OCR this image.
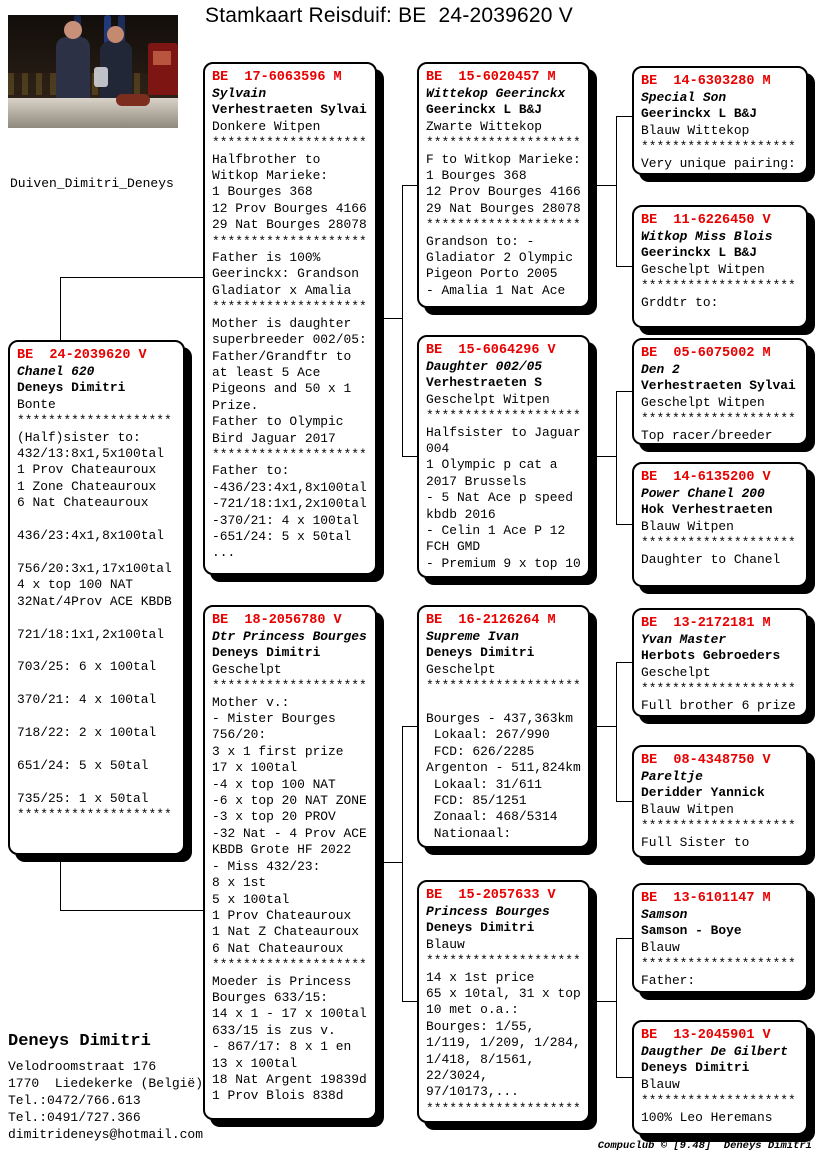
Stamkaart Reisduif: BE  24-2039620 V
Duiven_Dimitri_Deneys
BE  24-2039620 V
Chanel 620
Deneys Dimitri
Bonte
********************
(Half)sister to:
432/13:8x1,5x100tal
1 Prov Chateauroux
1 Zone Chateauroux
6 Nat Chateauroux

436/23:4x1,8x100tal

756/20:3x1,17x100tal
4 x top 100 NAT
32Nat/4Prov ACE KBDB

721/18:1x1,2x100tal

703/25: 6 x 100tal

370/21: 4 x 100tal

718/22: 2 x 100tal

651/24: 5 x 50tal

735/25: 1 x 50tal
********************
BE  17-6063596 M
Sylvain
Verhestraeten Sylvai
Donkere Witpen
********************
Halfbrother to
Witkop Marieke:
1 Bourges 368
12 Prov Bourges 4166
29 Nat Bourges 28078
********************
Father is 100%
Geerinckx: Grandson
Gladiator x Amalia
********************
Mother is daughter
superbreeder 002/05:
Father/Grandftr to
at least 5 Ace
Pigeons and 50 x 1
Prize.
Father to Olympic
Bird Jaguar 2017
********************
Father to:
-436/23:4x1,8x100tal
-721/18:1x1,2x100tal
-370/21: 4 x 100tal
-651/24: 5 x 50tal
...
BE  18-2056780 V
Dtr Princess Bourges
Deneys Dimitri
Geschelpt
********************
Mother v.:
- Mister Bourges
756/20:
3 x 1 first prize
17 x 100tal
-4 x top 100 NAT
-6 x top 20 NAT ZONE
-3 x top 20 PROV
-32 Nat - 4 Prov ACE
KBDB Grote HF 2022
- Miss 432/23:
8 x 1st
5 x 100tal
1 Prov Chateauroux
1 Nat Z Chateauroux
6 Nat Chateauroux
********************
Moeder is Princess
Bourges 633/15:
14 x 1 - 17 x 100tal
633/15 is zus v.
- 867/17: 8 x 1 en
13 x 100tal
18 Nat Argent 19839d
1 Prov Blois 838d
BE  15-6020457 M
Wittekop Geerinckx
Geerinckx L B&J
Zwarte Wittekop
********************
F to Witkop Marieke:
1 Bourges 368
12 Prov Bourges 4166
29 Nat Bourges 28078
********************
Grandson to: -
Gladiator 2 Olympic
Pigeon Porto 2005
- Amalia 1 Nat Ace
BE  15-6064296 V
Daughter 002/05
Verhestraeten S
Geschelpt Witpen
********************
Halfsister to Jaguar
004
1 Olympic p cat a
2017 Brussels
- 5 Nat Ace p speed
kbdb 2016
- Celin 1 Ace P 12
FCH GMD
- Premium 9 x top 10
BE  16-2126264 M
Supreme Ivan
Deneys Dimitri
Geschelpt
********************

Bourges - 437,363km
Lokaal: 267/990
FCD: 626/2285
Argenton - 511,824km
Lokaal: 31/611
FCD: 85/1251
Zonaal: 468/5314
Nationaal:
BE  15-2057633 V
Princess Bourges
Deneys Dimitri
Blauw
********************
14 x 1st price
65 x 10tal, 31 x top
10 met o.a.:
Bourges: 1/55,
1/119, 1/209, 1/284,
1/418, 8/1561,
22/3024,
97/10173,...
********************
BE  14-6303280 M
Special Son
Geerinckx L B&J
Blauw Wittekop
********************
Very unique pairing:
BE  11-6226450 V
Witkop Miss Blois
Geerinckx L B&J
Geschelpt Witpen
********************
Grddtr to:
BE  05-6075002 M
Den 2
Verhestraeten Sylvai
Geschelpt Witpen
********************
Top racer/breeder
BE  14-6135200 V
Power Chanel 200
Hok Verhestraeten
Blauw Witpen
********************
Daughter to Chanel
BE  13-2172181 M
Yvan Master
Herbots Gebroeders
Geschelpt
********************
Full brother 6 prize
BE  08-4348750 V
Pareltje
Deridder Yannick
Blauw Witpen
********************
Full Sister to
BE  13-6101147 M
Samson
Samson - Boye
Blauw
********************
Father:
BE  13-2045901 V
Daugther De Gilbert
Deneys Dimitri
Blauw
********************
100% Leo Heremans
Deneys Dimitri
Velodroomstraat 176
1770  Liedekerke (België)
Tel.:0472/766.613
Tel.:0491/727.366
dimitrideneys@hotmail.com
Compuclub © [9.48]  Deneys Dimitri
